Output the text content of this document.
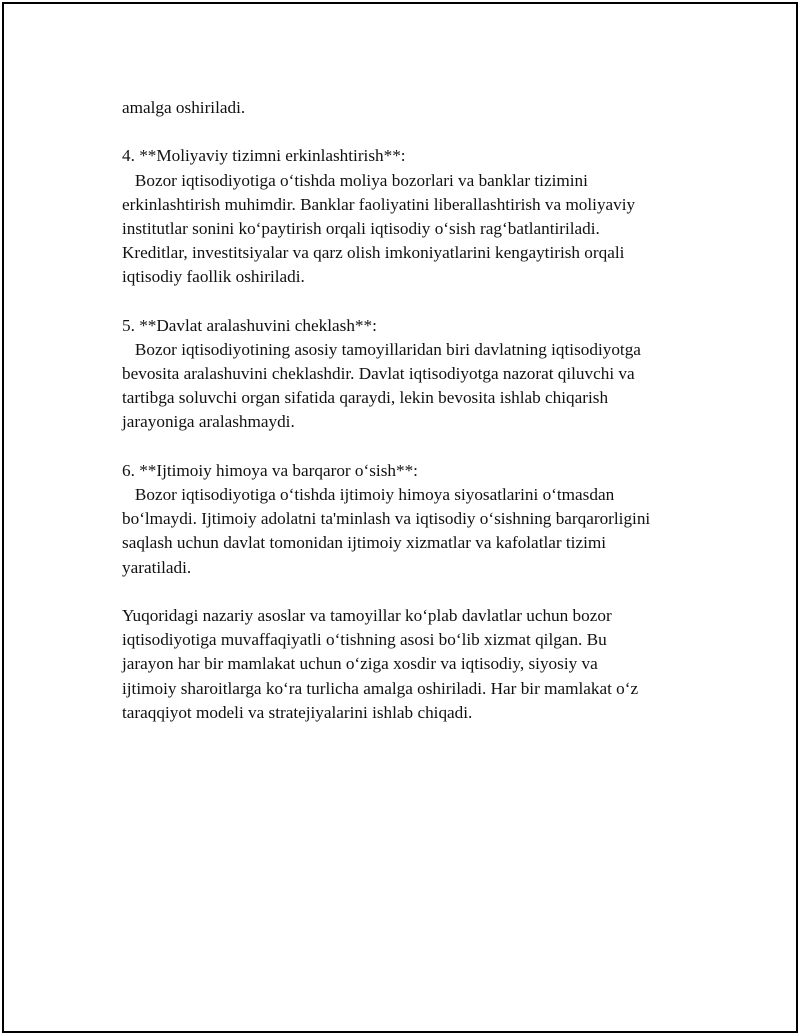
amalga oshiriladi.
4. **Moliyaviy tizimni erkinlashtirish**:
Bozor iqtisodiyotiga o‘tishda moliya bozorlari va banklar tizimini
erkinlashtirish muhimdir. Banklar faoliyatini liberallashtirish va moliyaviy
institutlar sonini ko‘paytirish orqali iqtisodiy o‘sish rag‘batlantiriladi.
Kreditlar, investitsiyalar va qarz olish imkoniyatlarini kengaytirish orqali
iqtisodiy faollik oshiriladi.
5. **Davlat aralashuvini cheklash**:
Bozor iqtisodiyotining asosiy tamoyillaridan biri davlatning iqtisodiyotga
bevosita aralashuvini cheklashdir. Davlat iqtisodiyotga nazorat qiluvchi va
tartibga soluvchi organ sifatida qaraydi, lekin bevosita ishlab chiqarish
jarayoniga aralashmaydi.
6. **Ijtimoiy himoya va barqaror o‘sish**:
Bozor iqtisodiyotiga o‘tishda ijtimoiy himoya siyosatlarini o‘tmasdan
bo‘lmaydi. Ijtimoiy adolatni ta'minlash va iqtisodiy o‘sishning barqarorligini
saqlash uchun davlat tomonidan ijtimoiy xizmatlar va kafolatlar tizimi
yaratiladi.
Yuqoridagi nazariy asoslar va tamoyillar ko‘plab davlatlar uchun bozor
iqtisodiyotiga muvaffaqiyatli o‘tishning asosi bo‘lib xizmat qilgan. Bu
jarayon har bir mamlakat uchun o‘ziga xosdir va iqtisodiy, siyosiy va
ijtimoiy sharoitlarga ko‘ra turlicha amalga oshiriladi. Har bir mamlakat o‘z
taraqqiyot modeli va stratejiyalarini ishlab chiqadi.
